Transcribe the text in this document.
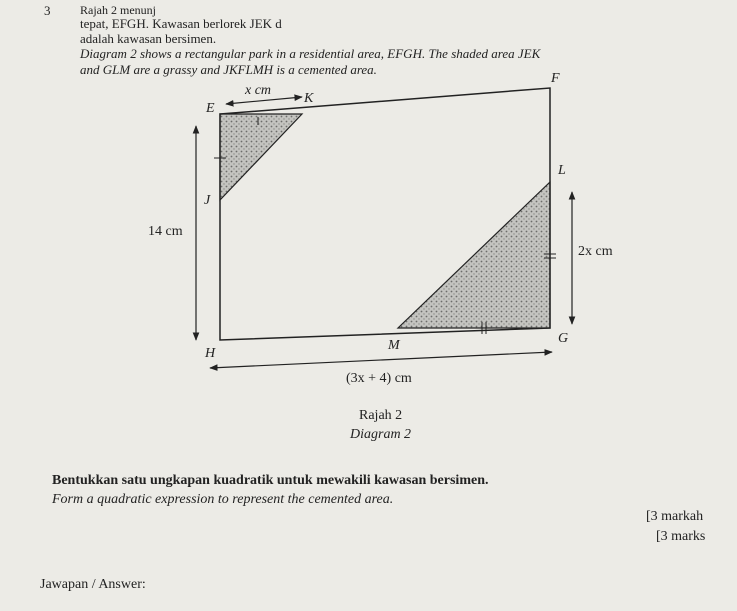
3 Rajah 2 menunj
tepat, EFGH. Kawasan berlorek JEK d
adalah kawasan bersimen.
Diagram 2 shows a rectangular park in a residential area, EFGH. The shaded area JEK
and GLM are a grassy and JKFLMH is a cemented area.
E
F
G
H
J
K
L
M
x cm
14 cm
2x cm
(3x + 4) cm
Rajah 2
Diagram 2
Bentukkan satu ungkapan kuadratik untuk mewakili kawasan bersimen.
Form a quadratic expression to represent the cemented area.
[3 markah
[3 marks
Jawapan / Answer:
